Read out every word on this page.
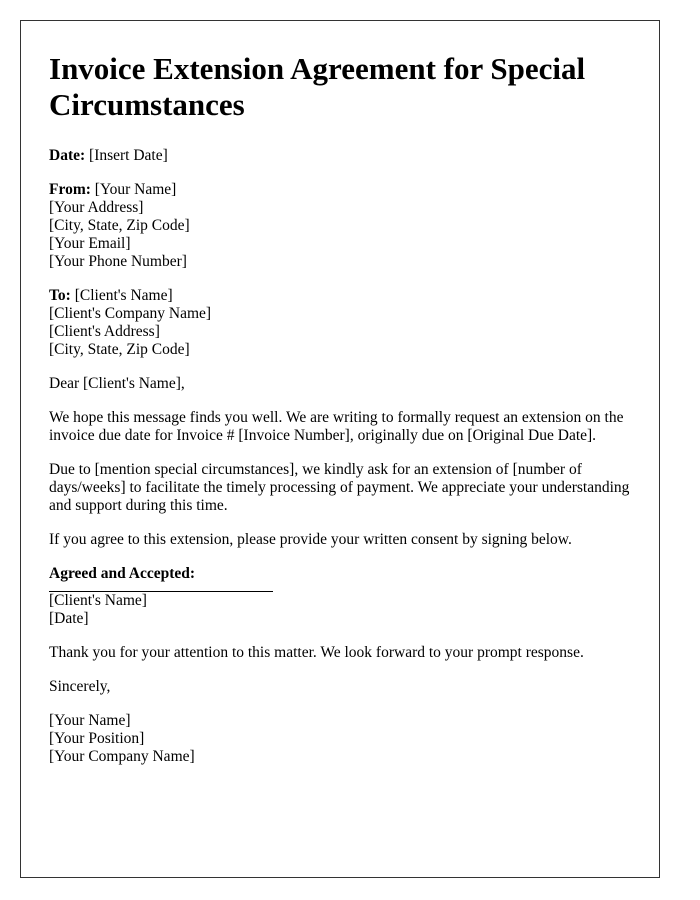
Invoice Extension Agreement for Special Circumstances

Date: [Insert Date]

From: [Your Name]
[Your Address]
[City, State, Zip Code]
[Your Email]
[Your Phone Number]

To: [Client's Name]
[Client's Company Name]
[Client's Address]
[City, State, Zip Code]

Dear [Client's Name],

We hope this message finds you well. We are writing to formally request an extension on the invoice due date for Invoice # [Invoice Number], originally due on [Original Due Date].

Due to [mention special circumstances], we kindly ask for an extension of [number of days/weeks] to facilitate the timely processing of payment. We appreciate your understanding and support during this time.

If you agree to this extension, please provide your written consent by signing below.

Agreed and Accepted:

[Client's Name]
[Date]

Thank you for your attention to this matter. We look forward to your prompt response.

Sincerely,

[Your Name]
[Your Position]
[Your Company Name]
